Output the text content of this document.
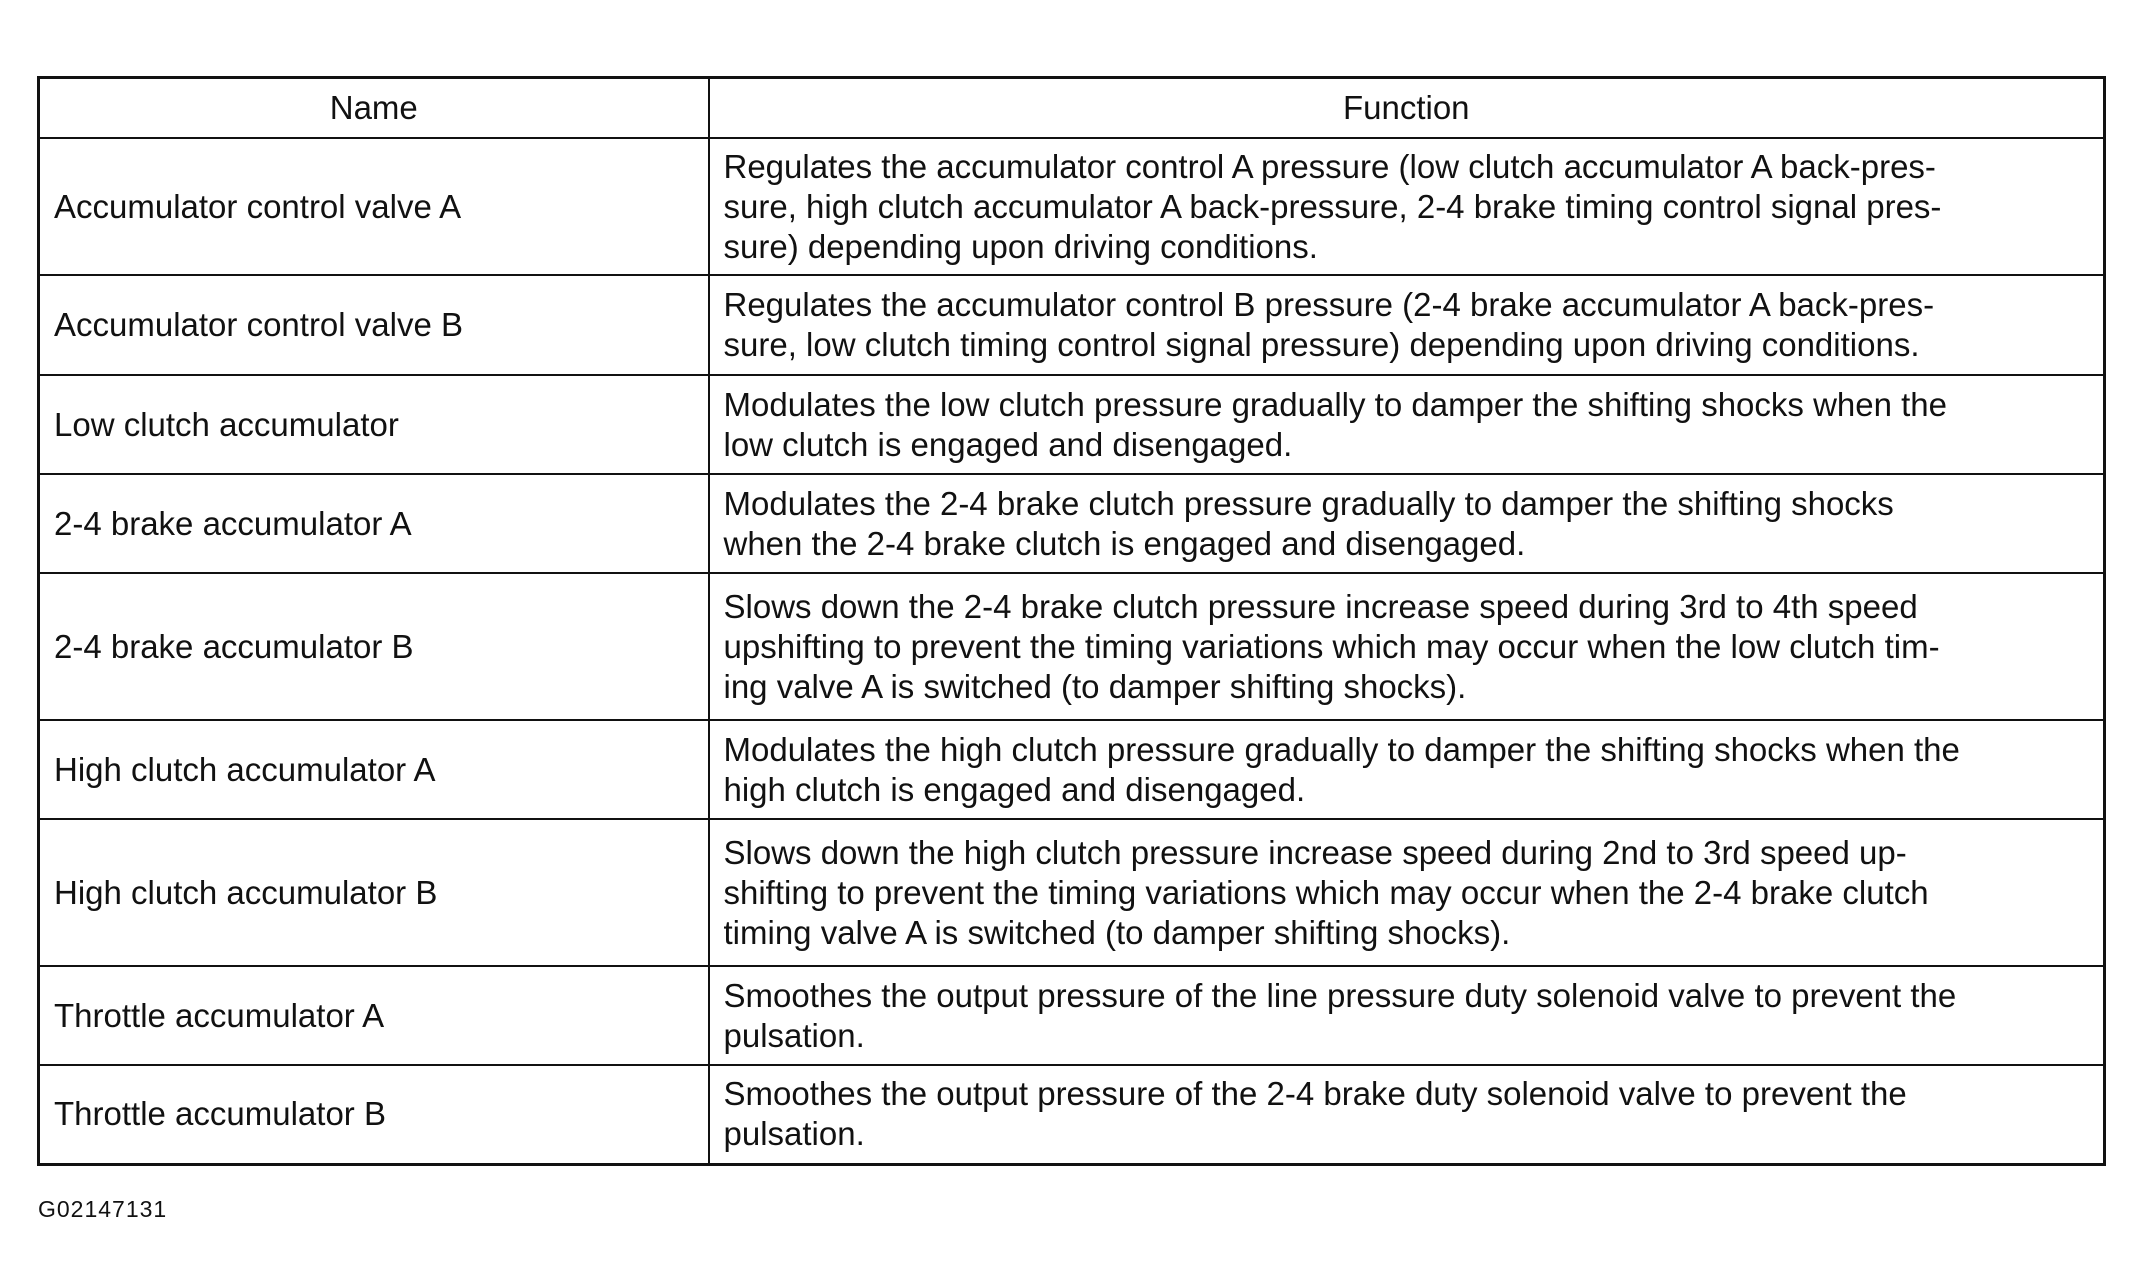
Name	Function
Accumulator control valve A	Regulates the accumulator control A pressure (low clutch accumulator A back-pres-
sure, high clutch accumulator A back-pressure, 2-4 brake timing control signal pres-
sure) depending upon driving conditions.
Accumulator control valve B	Regulates the accumulator control B pressure (2-4 brake accumulator A back-pres-
sure, low clutch timing control signal pressure) depending upon driving conditions.
Low clutch accumulator	Modulates the low clutch pressure gradually to damper the shifting shocks when the
low clutch is engaged and disengaged.
2-4 brake accumulator A	Modulates the 2-4 brake clutch pressure gradually to damper the shifting shocks
when the 2-4 brake clutch is engaged and disengaged.
2-4 brake accumulator B	Slows down the 2-4 brake clutch pressure increase speed during 3rd to 4th speed
upshifting to prevent the timing variations which may occur when the low clutch tim-
ing valve A is switched (to damper shifting shocks).
High clutch accumulator A	Modulates the high clutch pressure gradually to damper the shifting shocks when the
high clutch is engaged and disengaged.
High clutch accumulator B	Slows down the high clutch pressure increase speed during 2nd to 3rd speed up-
shifting to prevent the timing variations which may occur when the 2-4 brake clutch
timing valve A is switched (to damper shifting shocks).
Throttle accumulator A	Smoothes the output pressure of the line pressure duty solenoid valve to prevent the
pulsation.
Throttle accumulator B	Smoothes the output pressure of the 2-4 brake duty solenoid valve to prevent the
pulsation.
G02147131
